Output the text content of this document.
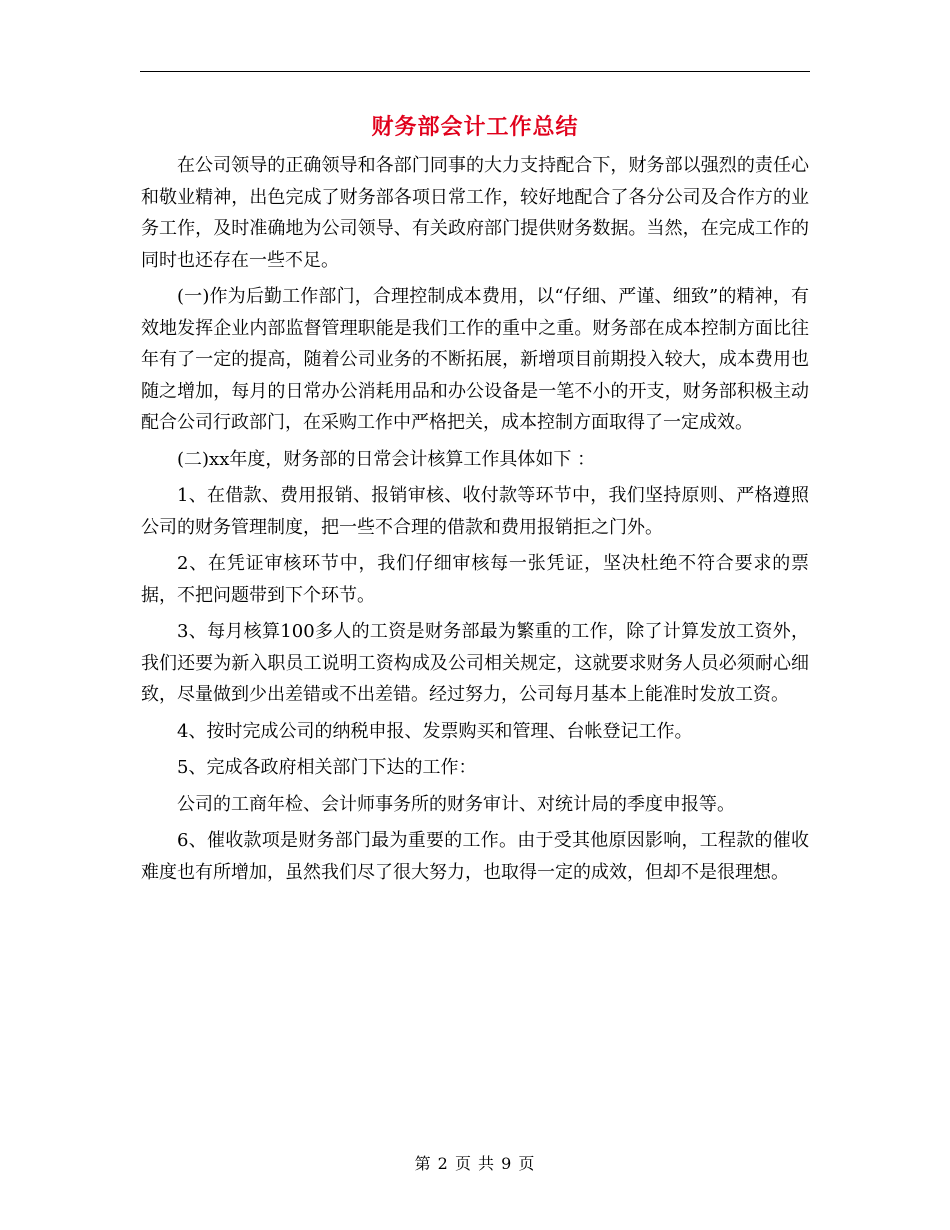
财务部会计工作总结

在公司领导的正确领导和各部门同事的大力支持配合下，财务部以强烈的责任心和敬业精神，出色完成了财务部各项日常工作，较好地配合了各分公司及合作方的业务工作，及时准确地为公司领导、有关政府部门提供财务数据。当然，在完成工作的同时也还存在一些不足。

(一)作为后勤工作部门，合理控制成本费用，以“仔细、严谨、细致”的精神，有效地发挥企业内部监督管理职能是我们工作的重中之重。财务部在成本控制方面比往年有了一定的提高，随着公司业务的不断拓展，新增项目前期投入较大，成本费用也随之增加，每月的日常办公消耗用品和办公设备是一笔不小的开支，财务部积极主动配合公司行政部门，在采购工作中严格把关，成本控制方面取得了一定成效。

(二)xx年度，财务部的日常会计核算工作具体如下 ：

1、在借款、费用报销、报销审核、收付款等环节中，我们坚持原则、严格遵照公司的财务管理制度，把一些不合理的借款和费用报销拒之门外。

2、在凭证审核环节中，我们仔细审核每一张凭证，坚决杜绝不符合要求的票据，不把问题带到下个环节。

3、每月核算100多人的工资是财务部最为繁重的工作，除了计算发放工资外，我们还要为新入职员工说明工资构成及公司相关规定，这就要求财务人员必须耐心细致，尽量做到少出差错或不出差错。经过努力，公司每月基本上能准时发放工资。

4、按时完成公司的纳税申报、发票购买和管理、台帐登记工作。

5、完成各政府相关部门下达的工作：

公司的工商年检、会计师事务所的财务审计、对统计局的季度申报等。

6、催收款项是财务部门最为重要的工作。由于受其他原因影响，工程款的催收难度也有所增加，虽然我们尽了很大努力，也取得一定的成效，但却不是很理想。

第 2 页 共 9 页
